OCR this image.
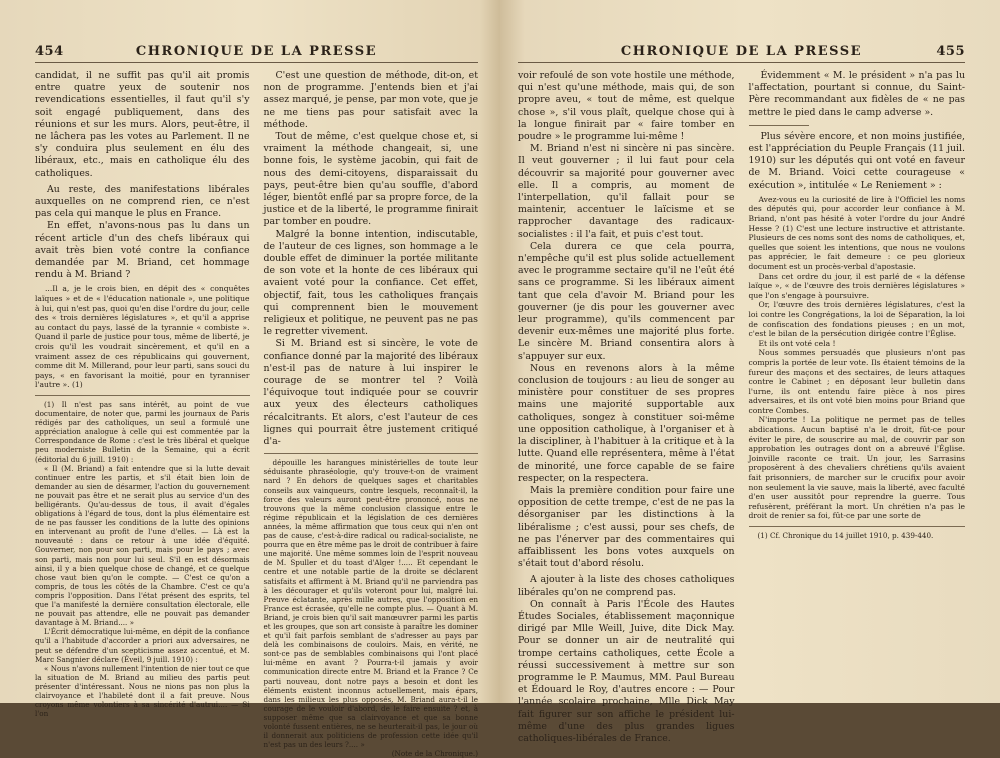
454	CHRONIQUE DE LA PRESSE

candidat, il ne suffit pas qu'il ait promis entre quatre yeux de soutenir nos revendications essentielles, il faut qu'il s'y soit engagé publiquement, dans des réunions et sur les murs. Alors, peut-être, il ne lâchera pas les votes au Parlement. Il ne s'y conduira plus seulement en élu des libéraux, etc., mais en catholique élu des catholiques.

Au reste, des manifestations libérales auxquelles on ne comprend rien, ce n'est pas cela qui manque le plus en France.

En effet, n'avons-nous pas lu dans un récent article d'un des chefs libéraux qui avait très bien voté contre la confiance demandée par M. Briand, cet hommage rendu à M. Briand ?

...Il a, je le crois bien, en dépit des « conquêtes laïques » et de « l'éducation nationale », une politique à lui, qui n'est pas, quoi qu'en dise l'ordre du jour, celle des « trois dernières législatures », et qu'il a apprise au contact du pays, lassé de la tyrannie « combiste ». Quand il parle de justice pour tous, même de liberté, je crois qu'il les voudrait sincèrement, et qu'il en a vraiment assez de ces républicains qui gouvernent, comme dit M. Millerand, pour leur parti, sans souci du pays, « en favorisant la moitié, pour en tyranniser l'autre ». (1)

(1) Il n'est pas sans intérêt, au point de vue documentaire, de noter que, parmi les journaux de Paris rédigés par des catholiques, un seul a formulé une appréciation analogue à celle qui est commentée par la Correspondance de Rome : c'est le très libéral et quelque peu moderniste Bulletin de la Semaine, qui a écrit (éditorial du 6 juill. 1910) :

« Il (M. Briand) a fait entendre que si la lutte devait continuer entre les partis, et s'il était bien loin de demander au sien de désarmer, l'action du gouvernement ne pouvait pas être et ne serait plus au service d'un des belligérants. Qu'au-dessus de tous, il avait d'égales obligations à l'égard de tous, dont la plus élémentaire est de ne pas fausser les conditions de la lutte des opinions en intervenant au profit de l'une d'elles. — Là est la nouveauté : dans ce retour à une idée d'équité. Gouverner, non pour son parti, mais pour le pays ; avec son parti, mais non pour lui seul. S'il en est désormais ainsi, il y a bien quelque chose de changé, et ce quelque chose vaut bien qu'on le compte. — C'est ce qu'on a compris, de tous les côtés de la Chambre. C'est ce qu'a compris l'opposition. Dans l'état présent des esprits, tel que l'a manifesté la dernière consultation électorale, elle ne pouvait pas attendre, elle ne pouvait pas demander davantage à M. Briand.... »

L'Écrit démocratique lui-même, en dépit de la confiance qu'il a l'habitude d'accorder a priori aux adversaires, ne peut se défendre d'un scepticisme assez accentué, et M. Marc Sangnier déclare (Éveil, 9 juill. 1910) :

« Nous n'avons nullement l'intention de nier tout ce que la situation de M. Briand au milieu des partis peut présenter d'intéressant. Nous ne nions pas non plus la clairvoyance et l'habileté dont il a fait preuve. Nous croyons même volontiers à sa sincérité d'autrui.... — Si l'on

C'est une question de méthode, dit-on, et non de programme. J'entends bien et j'ai assez marqué, je pense, par mon vote, que je ne me tiens pas pour satisfait avec la méthode.

Tout de même, c'est quelque chose et, si vraiment la méthode changeait, si, une bonne fois, le système jacobin, qui fait de nous des demi-citoyens, disparaissait du pays, peut-être bien qu'au souffle, d'abord léger, bientôt enflé par sa propre force, de la justice et de la liberté, le programme finirait par tomber en poudre.

Malgré la bonne intention, indiscutable, de l'auteur de ces lignes, son hommage a le double effet de diminuer la portée militante de son vote et la honte de ces libéraux qui avaient voté pour la confiance. Cet effet, objectif, fait, tous les catholiques français qui comprennent bien le mouvement religieux et politique, ne peuvent pas ne pas le regretter vivement.

Si M. Briand est si sincère, le vote de confiance donné par la majorité des libéraux n'est-il pas de nature à lui inspirer le courage de se montrer tel ? Voilà l'équivoque tout indiquée pour se couvrir aux yeux des électeurs catholiques récalcitrants. Et alors, c'est l'auteur de ces lignes qui pourrait être justement critiqué d'a-

dépouille les harangues ministérielles de toute leur séduisante phraséologie, qu'y trouve-t-on de vraiment nard ? En dehors de quelques sages et charitables conseils aux vainqueurs, contre lesquels, reconnaît-il, la force des valeurs auront peut-être prononcé, nous ne trouvons que la même conclusion classique entre le régime républicain et la législation de ces dernières années, la même affirmation que tous ceux qui n'en ont pas de cause, c'est-à-dire radical ou radical-socialiste, ne pourra que en être même pas le droit de contribuer à faire une majorité. Une même sommes loin de l'esprit nouveau de M. Spuller et du toast d'Alger !..... Et cependant le centre et une notable partie de la droite se déclarent satisfaits et affirment à M. Briand qu'il ne parviendra pas à les décourager et qu'ils voteront pour lui, malgré lui. Preuve éclatante, après mille autres, que l'opposition en France est écrasée, qu'elle ne compte plus. — Quant à M. Briand, je crois bien qu'il sait manœuvrer parmi les partis et les groupes, que son art consiste à paraître les dominer et qu'il fait parfois semblant de s'adresser au pays par delà les combinaisons de couloirs. Mais, en vérité, ne sont-ce pas de semblables combinaisons qui l'ont placé lui-même en avant ? Pourra-t-il jamais y avoir communication directe entre M. Briand et la France ? Ce parti nouveau, dont notre pays a besoin et dont les éléments existent inconnus actuellement, mais épars, dans les milieux les plus opposés, M. Briand aura-t-il le courage de le vouloir d'abord, de le faire ensuite ? et, à supposer même que sa clairvoyance et que sa bonne volonté fussent entières, ne se heurterait-il pas, le jour où il donnerait aux politiciens de profession cette idée qu'il n'est pas un des leurs ?.... »

(Note de la Chronique.)

CHRONIQUE DE LA PRESSE	455

voir refoulé de son vote hostile une méthode, qui n'est qu'une méthode, mais qui, de son propre aveu, « tout de même, est quelque chose », s'il vous plaît, quelque chose qui à la longue finirait par « faire tomber en poudre » le programme lui-même !

M. Briand n'est ni sincère ni pas sincère. Il veut gouverner ; il lui faut pour cela découvrir sa majorité pour gouverner avec elle. Il a compris, au moment de l'interpellation, qu'il fallait pour se maintenir, accentuer le laïcisme et se rapprocher davantage des radicaux-socialistes : il l'a fait, et puis c'est tout.

Cela durera ce que cela pourra, n'empêche qu'il est plus solide actuellement avec le programme sectaire qu'il ne l'eût été sans ce programme. Si les libéraux aiment tant que cela d'avoir M. Briand pour les gouverner (je dis pour les gouverner avec leur programme), qu'ils commencent par devenir eux-mêmes une majorité plus forte. Le sincère M. Briand consentira alors à s'appuyer sur eux.

Nous en revenons alors à la même conclusion de toujours : au lieu de songer au ministère pour constituer de ses propres mains une majorité supportable aux catholiques, songez à constituer soi-même une opposition catholique, à l'organiser et à la discipliner, à l'habituer à la critique et à la lutte. Quand elle représentera, même à l'état de minorité, une force capable de se faire respecter, on la respectera.

Mais la première condition pour faire une opposition de cette trempe, c'est de ne pas la désorganiser par les distinctions à la libéralisme ; c'est aussi, pour ses chefs, de ne pas l'énerver par des commentaires qui affaiblissent les bons votes auxquels on s'était tout d'abord résolu.

A ajouter à la liste des choses catholiques libérales qu'on ne comprend pas.

On connaît à Paris l'École des Hautes Études Sociales, établissement maçonnique dirigé par Mlle Weill, Juive, dite Dick May. Pour se donner un air de neutralité qui trompe certains catholiques, cette École a réussi successivement à mettre sur son programme le P. Maumus, MM. Paul Bureau et Édouard le Roy, d'autres encore : — Pour l'année scolaire prochaine, Mlle Dick May fait figurer sur son affiche le président lui-même d'une des plus grandes ligues catholiques-libérales de France.

Évidemment « M. le président » n'a pas lu l'affectation, pourtant si connue, du Saint-Père recommandant aux fidèles de « ne pas mettre le pied dans le camp adverse ».

Plus sévère encore, et non moins justifiée, est l'appréciation du Peuple Français (11 juil. 1910) sur les députés qui ont voté en faveur de M. Briand. Voici cette courageuse « exécution », intitulée « Le Reniement » :

Avez-vous eu la curiosité de lire à l'Officiel les noms des députés qui, pour accorder leur confiance à M. Briand, n'ont pas hésité à voter l'ordre du jour André Hesse ? (1) C'est une lecture instructive et attristante. Plusieurs de ces noms sont des noms de catholiques, et, quelles que soient les intentions, que nous ne voulons pas apprécier, le fait demeure : ce peu glorieux document est un procès-verbal d'apostasie.

Dans cet ordre du jour, il est parlé de « la défense laïque », « de l'œuvre des trois dernières législatures » que l'on s'engage à poursuivre.

Or, l'œuvre des trois dernières législatures, c'est la loi contre les Congrégations, la loi de Séparation, la loi de confiscation des fondations pieuses ; en un mot, c'est le bilan de la persécution dirigée contre l'Église.

Et ils ont voté cela !

Nous sommes persuadés que plusieurs n'ont pas compris la portée de leur vote. Ils étaient témoins de la fureur des maçons et des sectaires, de leurs attaques contre le Cabinet ; en déposant leur bulletin dans l'urne, ils ont entendu faire pièce à nos pires adversaires, et ils ont voté bien moins pour Briand que contre Combes.

N'importe ! La politique ne permet pas de telles abdications. Aucun baptisé n'a le droit, fût-ce pour éviter le pire, de souscrire au mal, de couvrir par son approbation les outrages dont on a abreuvé l'Église. Joinville raconte ce trait. Un jour, les Sarrasins proposèrent à des chevaliers chrétiens qu'ils avaient fait prisonniers, de marcher sur le crucifix pour avoir non seulement la vie sauve, mais la liberté, avec faculté d'en user aussitôt pour reprendre la guerre. Tous refusèrent, préférant la mort. Un chrétien n'a pas le droit de renier sa foi, fût-ce par une sorte de

(1) Cf. Chronique du 14 juillet 1910, p. 439-440.
